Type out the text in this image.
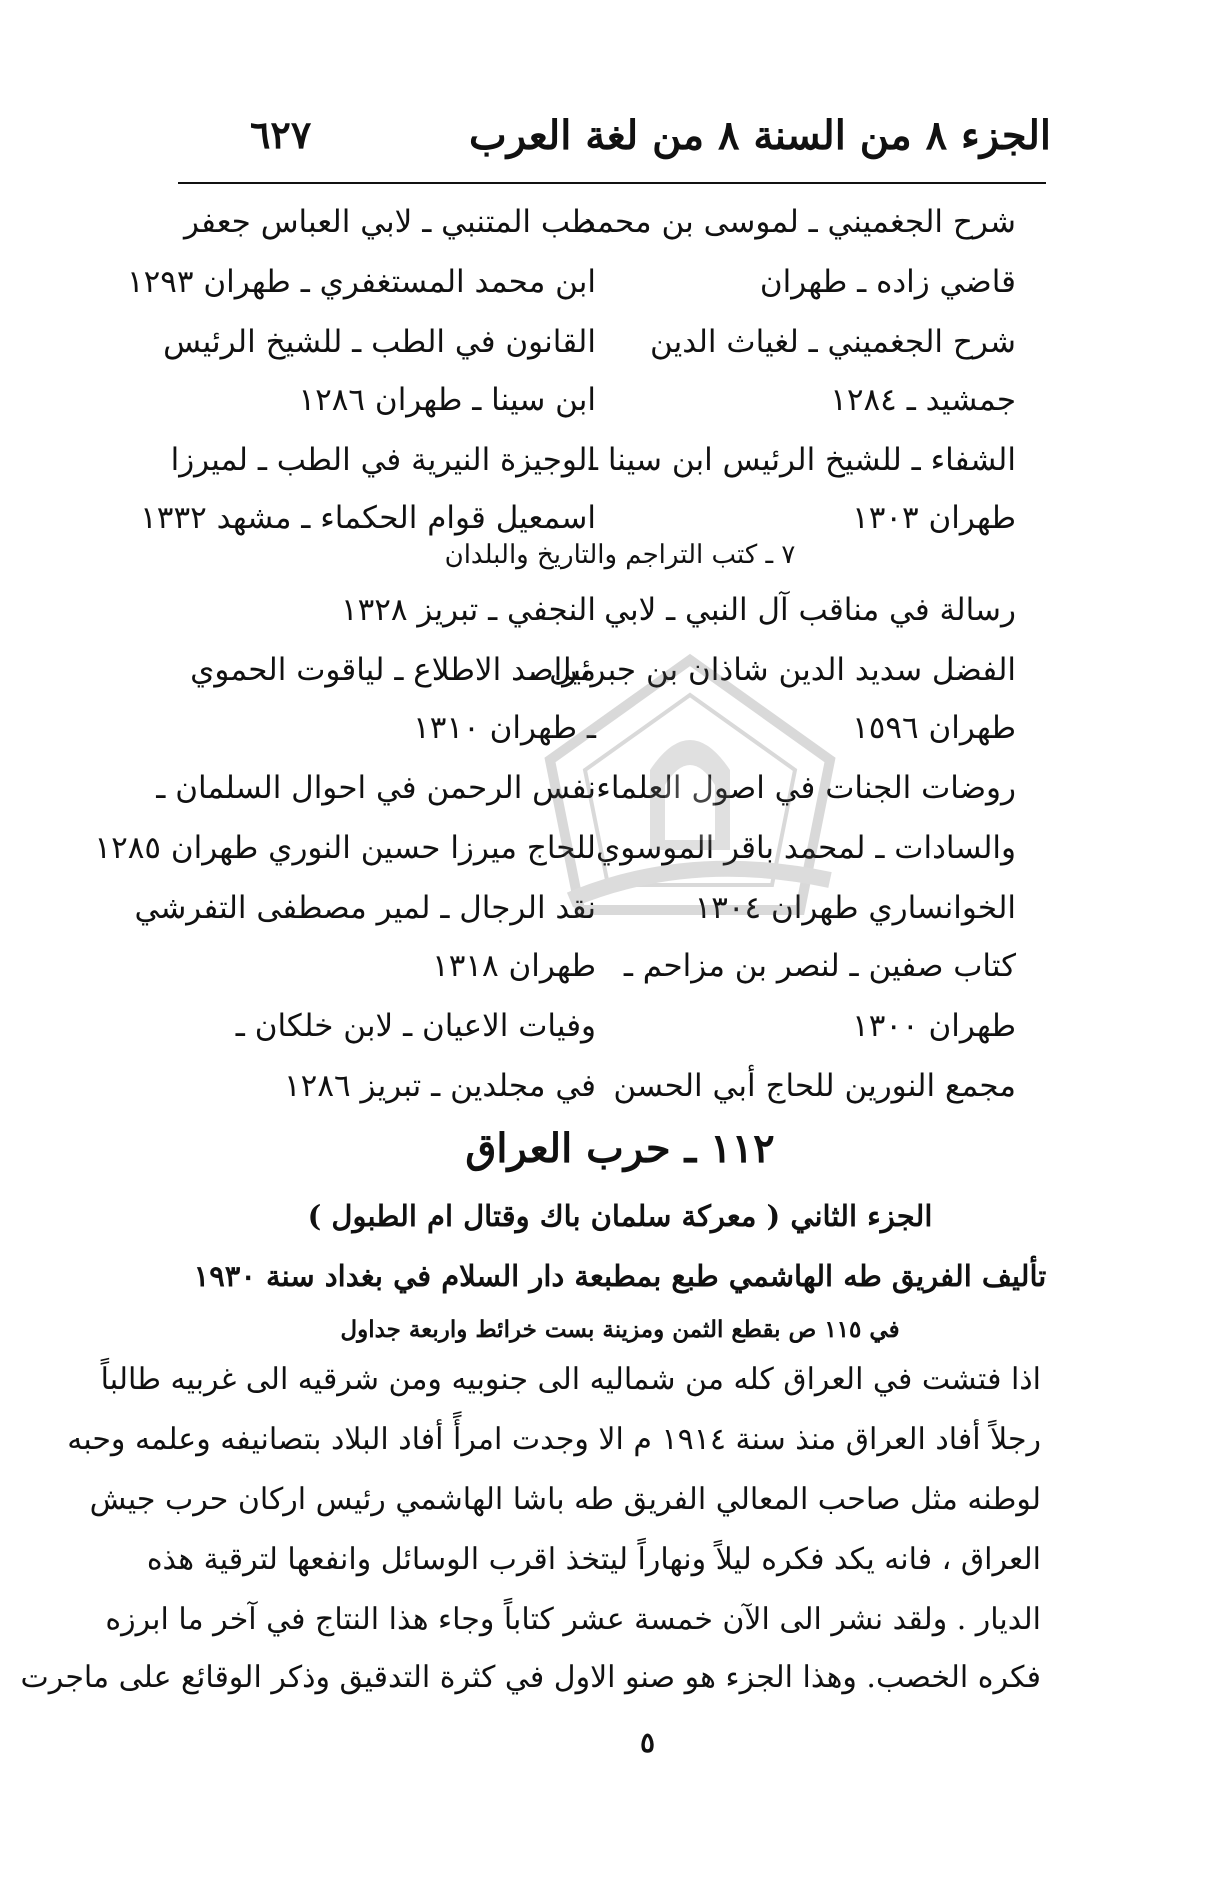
الجزء ٨ من السنة ٨ من لغة العرب
٦٢٧
شرح الجغميني ـ لموسى بن محمد
طب المتنبي ـ لابي العباس جعفر
قاضي زاده ـ طهران
ابن محمد المستغفري ـ طهران ١٢٩٣
شرح الجغميني ـ لغياث الدين
القانون في الطب ـ للشيخ الرئيس
جمشيد ـ ١٢٨٤
ابن سينا ـ طهران ١٢٨٦
الشفاء ـ للشيخ الرئيس ابن سينا ـ
الوجيزة النيرية في الطب ـ لميرزا
طهران ١٣٠٣
اسمعيل قوام الحكماء ـ مشهد ١٣٣٢
٧ ـ كتب التراجم والتاريخ والبلدان
رسالة في مناقب آل النبي ـ لابي
النجفي ـ تبريز ١٣٢٨
الفضل سديد الدين شاذان بن جبرئيل ـ
مراصد الاطلاع ـ لياقوت الحموي
طهران ١٥٩٦
ـ طهران ١٣١٠
روضات الجنات في اصول العلماء
نفس الرحمن في احوال السلمان ـ
والسادات ـ لمحمد باقر الموسوي
للحاج ميرزا حسين النوري طهران ١٢٨٥
الخوانساري طهران ١٣٠٤
نقد الرجال ـ لمير مصطفى التفرشي
كتاب صفين ـ لنصر بن مزاحم ـ
طهران ١٣١٨
طهران ١٣٠٠
وفيات الاعيان ـ لابن خلكان ـ
مجمع النورين للحاج أبي الحسن
في مجلدين ـ تبريز ١٢٨٦
١١٢ ـ حرب العراق
الجزء الثاني ( معركة سلمان باك وقتال ام الطبول )
تأليف الفريق طه الهاشمي طبع بمطبعة دار السلام في بغداد سنة ١٩٣٠
في ١١٥ ص بقطع الثمن ومزينة بست خرائط واربعة جداول
اذا فتشت في العراق كله من شماليه الى جنوبيه ومن شرقيه الى غربيه طالباً
رجلاً أفاد العراق منذ سنة ١٩١٤ م الا وجدت امرأً أفاد البلاد بتصانيفه وعلمه وحبه
لوطنه مثل صاحب المعالي الفريق طه باشا الهاشمي رئيس اركان حرب جيش
العراق ، فانه يكد فكره ليلاً ونهاراً ليتخذ اقرب الوسائل وانفعها لترقية هذه
الديار . ولقد نشر الى الآن خمسة عشر كتاباً وجاء هذا النتاج في آخر ما ابرزه
فكره الخصب. وهذا الجزء هو صنو الاول في كثرة التدقيق وذكر الوقائع على ماجرت
٥
